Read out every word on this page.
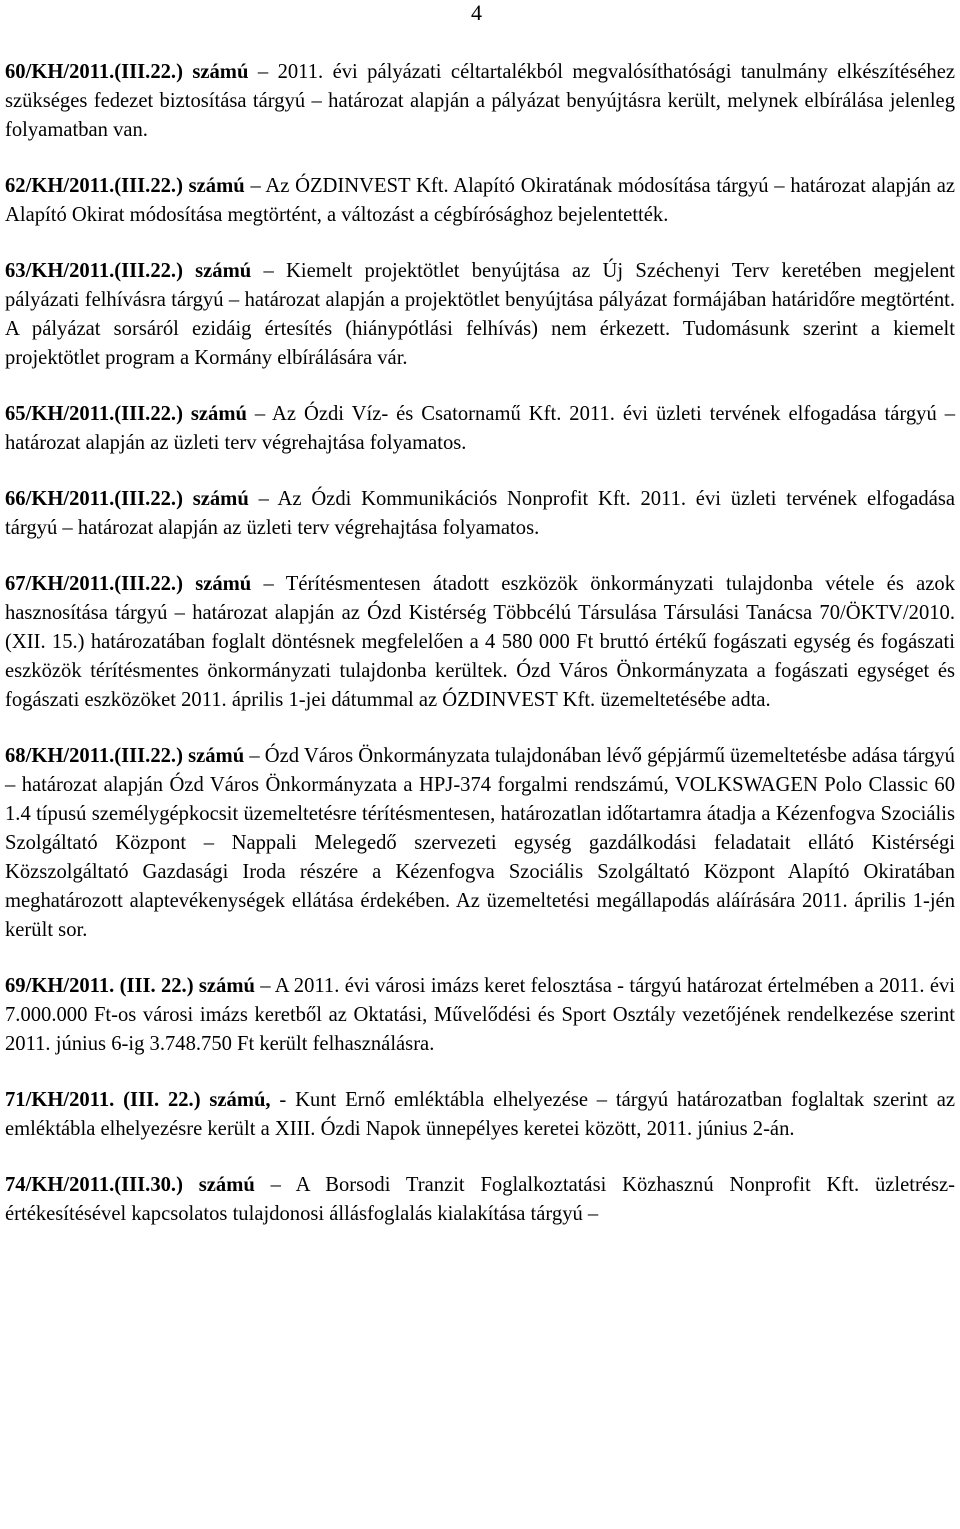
4

60/KH/2011.(III.22.) számú – 2011. évi pályázati céltartalékból megvalósíthatósági tanulmány elkészítéséhez szükséges fedezet biztosítása tárgyú – határozat alapján a pályázat benyújtásra került, melynek elbírálása jelenleg folyamatban van.

62/KH/2011.(III.22.) számú – Az ÓZDINVEST Kft. Alapító Okiratának módosítása tárgyú – határozat alapján az Alapító Okirat módosítása megtörtént, a változást a cégbírósághoz bejelentették.

63/KH/2011.(III.22.) számú – Kiemelt projektötlet benyújtása az Új Széchenyi Terv keretében megjelent pályázati felhívásra tárgyú – határozat alapján a projektötlet benyújtása pályázat formájában határidőre megtörtént. A pályázat sorsáról ezidáig értesítés (hiánypótlási felhívás) nem érkezett. Tudomásunk szerint a kiemelt projektötlet program a Kormány elbírálására vár.

65/KH/2011.(III.22.) számú – Az Ózdi Víz- és Csatornamű Kft. 2011. évi üzleti tervének elfogadása tárgyú – határozat alapján az üzleti terv végrehajtása folyamatos.

66/KH/2011.(III.22.) számú – Az Ózdi Kommunikációs Nonprofit Kft. 2011. évi üzleti tervének elfogadása tárgyú – határozat alapján az üzleti terv végrehajtása folyamatos.

67/KH/2011.(III.22.) számú – Térítésmentesen átadott eszközök önkormányzati tulajdonba vétele és azok hasznosítása tárgyú – határozat alapján az Ózd Kistérség Többcélú Társulása Társulási Tanácsa 70/ÖKTV/2010.(XII. 15.) határozatában foglalt döntésnek megfelelően a 4 580 000 Ft bruttó értékű fogászati egység és fogászati eszközök térítésmentes önkormányzati tulajdonba kerültek. Ózd Város Önkormányzata a fogászati egységet és fogászati eszközöket 2011. április 1-jei dátummal az ÓZDINVEST Kft. üzemeltetésébe adta.

68/KH/2011.(III.22.) számú – Ózd Város Önkormányzata tulajdonában lévő gépjármű üzemeltetésbe adása tárgyú – határozat alapján Ózd Város Önkormányzata a HPJ-374 forgalmi rendszámú, VOLKSWAGEN Polo Classic 60 1.4 típusú személygépkocsit üzemeltetésre térítésmentesen, határozatlan időtartamra átadja a Kézenfogva Szociális Szolgáltató Központ – Nappali Melegedő szervezeti egység gazdálkodási feladatait ellátó Kistérségi Közszolgáltató Gazdasági Iroda részére a Kézenfogva Szociális Szolgáltató Központ Alapító Okiratában meghatározott alaptevékenységek ellátása érdekében. Az üzemeltetési megállapodás aláírására 2011. április 1-jén került sor.

69/KH/2011. (III. 22.) számú – A 2011. évi városi imázs keret felosztása - tárgyú határozat értelmében a 2011. évi 7.000.000 Ft-os városi imázs keretből az Oktatási, Művelődési és Sport Osztály vezetőjének rendelkezése szerint 2011. június 6-ig 3.748.750 Ft került felhasználásra.

71/KH/2011. (III. 22.) számú, - Kunt Ernő emléktábla elhelyezése – tárgyú határozatban foglaltak szerint az emléktábla elhelyezésre került a XIII. Ózdi Napok ünnepélyes keretei között, 2011. június 2-án.

74/KH/2011.(III.30.) számú – A Borsodi Tranzit Foglalkoztatási Közhasznú Nonprofit Kft. üzletrész-értékesítésével kapcsolatos tulajdonosi állásfoglalás kialakítása tárgyú –
